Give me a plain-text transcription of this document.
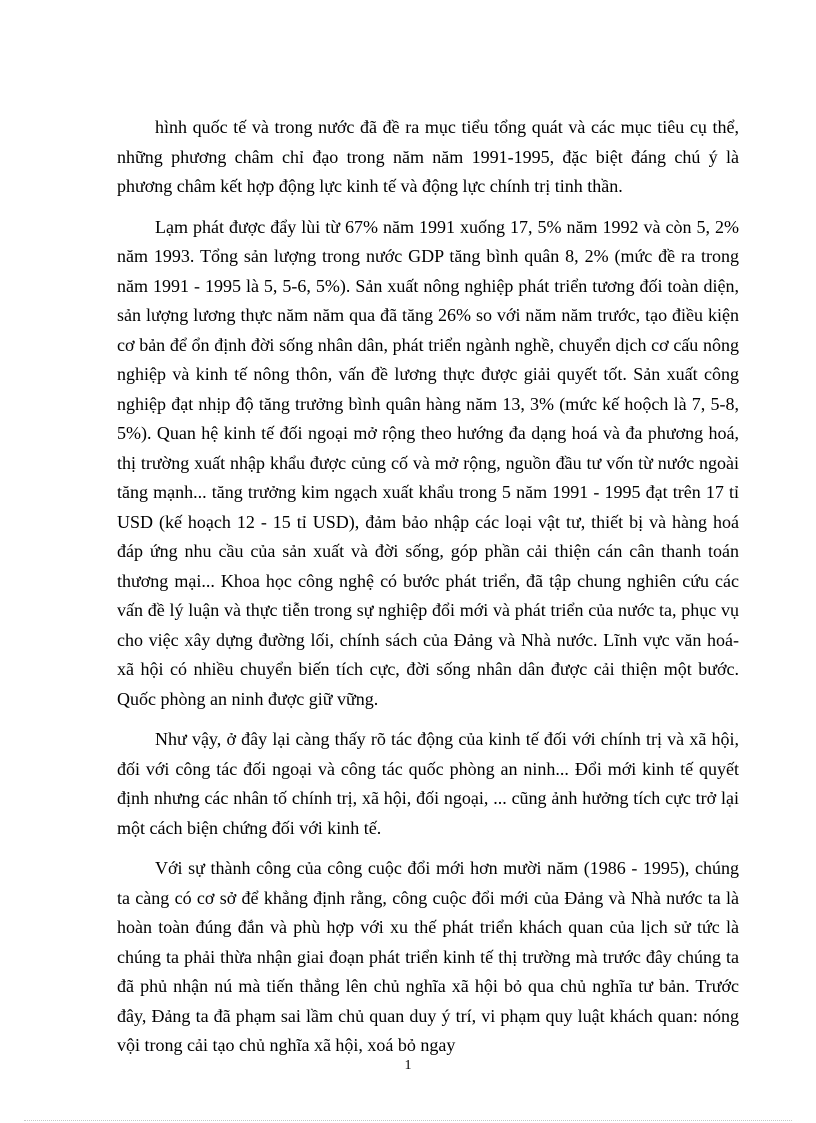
hình quốc tế và trong nước đã đề ra mục tiểu tổng quát và các mục tiêu cụ thể, những phương châm chỉ đạo trong năm năm 1991-1995, đặc biệt đáng chú ý là phương châm kết hợp động lực kinh tế và động lực chính trị tinh thần.

Lạm phát được đẩy lùi từ 67% năm 1991 xuống 17, 5% năm 1992 và còn 5, 2% năm 1993. Tổng sản lượng trong nước GDP tăng bình quân 8, 2% (mức đề ra trong năm 1991 - 1995 là 5, 5-6, 5%). Sản xuất nông nghiệp phát triển tương đối toàn diện, sản lượng lương thực năm năm qua đã tăng 26% so với năm năm trước, tạo điều kiện cơ bản để ổn định đời sống nhân dân, phát triển ngành nghề, chuyển dịch cơ cấu nông nghiệp và kinh tế nông thôn, vấn đề lương thực được giải quyết tốt. Sản xuất công nghiệp đạt nhịp độ tăng trưởng bình quân hàng năm 13, 3% (mức kế hoộch là 7, 5-8, 5%). Quan hệ kinh tế đối ngoại mở rộng theo hướng đa dạng hoá và đa phương hoá, thị trường xuất nhập khẩu được củng cố và mở rộng, nguồn đầu tư vốn từ nước ngoài tăng mạnh... tăng trưởng kim ngạch xuất khẩu trong 5 năm 1991 - 1995 đạt trên 17 tỉ USD (kế hoạch 12 - 15 tỉ USD), đảm bảo nhập các loại vật tư, thiết bị và hàng hoá đáp ứng nhu cầu của sản xuất và đời sống, góp phần cải thiện cán cân thanh toán thương mại... Khoa học công nghệ có bước phát triển, đã tập chung nghiên cứu các vấn đề lý luận và thực tiễn trong sự nghiệp đổi mới và phát triển của nước ta, phục vụ cho việc xây dựng đường lối, chính sách của Đảng và Nhà nước. Lĩnh vực văn hoá- xã hội có nhiều chuyển biến tích cực, đời sống nhân dân được cải thiện một bước. Quốc phòng an ninh được giữ vững.

Như vậy, ở đây lại càng thấy rõ tác động của kinh tế đối với chính trị và xã hội, đối với công tác đối ngoại và công tác quốc phòng an ninh... Đổi mới kinh tế quyết định nhưng các nhân tố chính trị, xã hội, đối ngoại, ... cũng ảnh hưởng tích cực trở lại một cách biện chứng đối với kinh tế.

Với sự thành công của công cuộc đổi mới hơn mười năm (1986 - 1995), chúng ta càng có cơ sở để khẳng định rằng, công cuộc đổi mới của Đảng và Nhà nước ta là hoàn toàn đúng đắn và phù hợp với xu thế phát triển khách quan của lịch sử tức là chúng ta phải thừa nhận giai đoạn phát triển kinh tế thị trường mà trước đây chúng ta đã phủ nhận nú mà tiến thẳng lên chủ nghĩa xã hội bỏ qua chủ nghĩa tư bản. Trước đây, Đảng ta đã phạm sai lầm chủ quan duy ý trí, vi phạm quy luật khách quan: nóng vội trong cải tạo chủ nghĩa xã hội, xoá bỏ ngay

1
